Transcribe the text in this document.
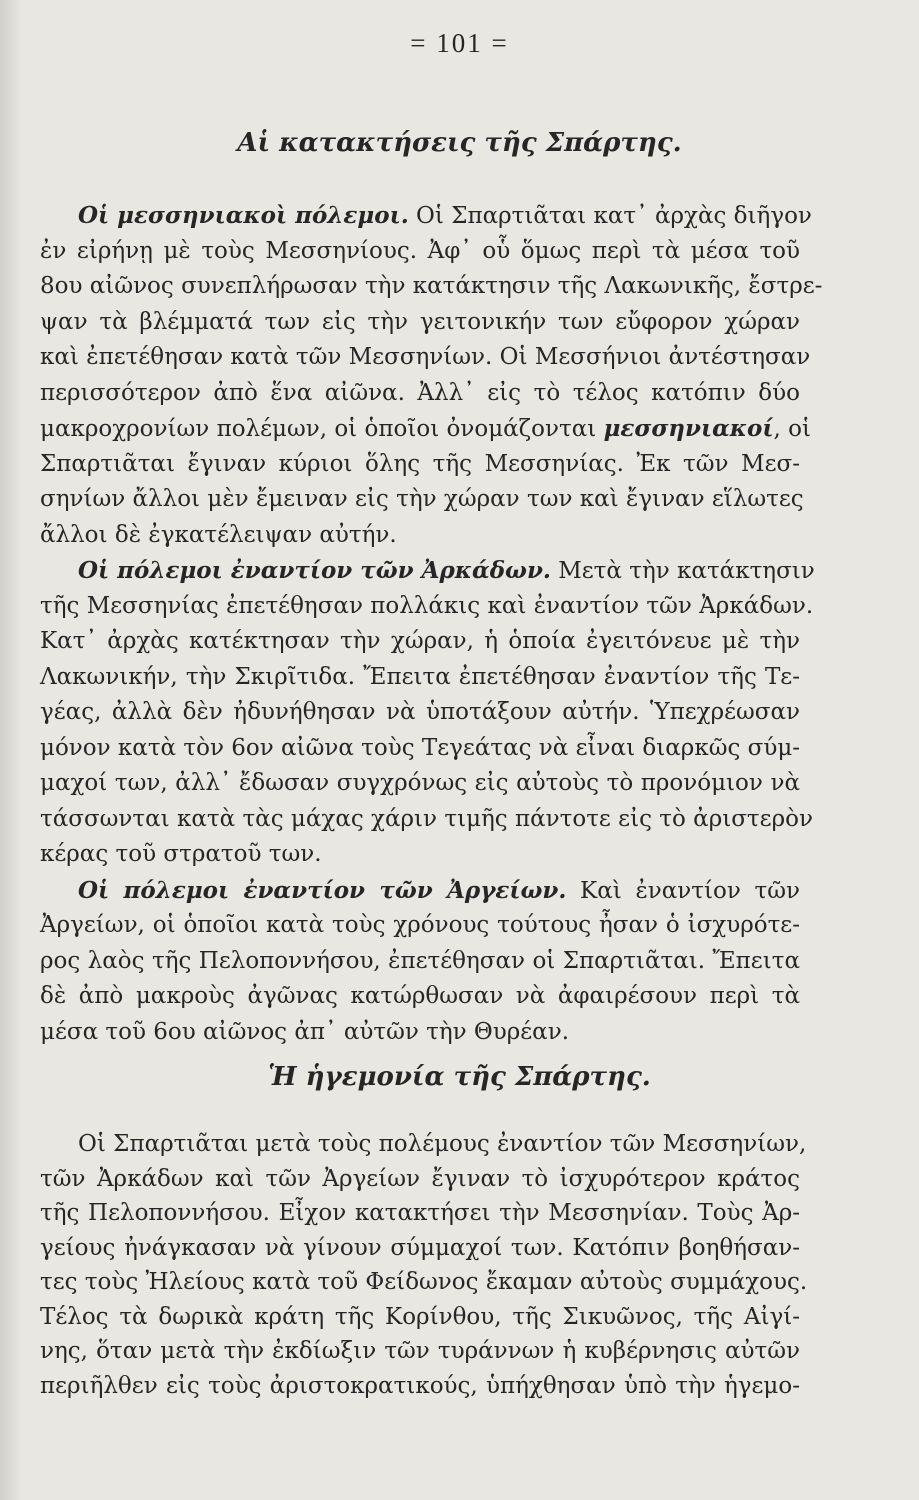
= 101 =
Αἱ κατακτήσεις τῆς Σπάρτης.
Οἱ μεσσηνιακοὶ πόλεμοι. Οἱ Σπαρτιᾶται κατ᾽ ἀρχὰς διῆγον
ἐν εἰρήνῃ μὲ τοὺς Μεσσηνίους. Ἀφ᾽ οὗ ὅμως περὶ τὰ μέσα τοῦ
8ου αἰῶνος συνεπλήρωσαν τὴν κατάκτησιν τῆς Λακωνικῆς, ἔστρε-
ψαν τὰ βλέμματά των εἰς τὴν γειτονικήν των εὔφορον χώραν
καὶ ἐπετέθησαν κατὰ τῶν Μεσσηνίων. Οἱ Μεσσήνιοι ἀντέστησαν
περισσότερον ἀπὸ ἕνα αἰῶνα. Ἀλλ᾽ εἰς τὸ τέλος κατόπιν δύο
μακροχρονίων πολέμων, οἱ ὁποῖοι ὀνομάζονται μεσσηνιακοί, οἱ
Σπαρτιᾶται ἔγιναν κύριοι ὅλης τῆς Μεσσηνίας. Ἐκ τῶν Μεσ-
σηνίων ἄλλοι μὲν ἔμειναν εἰς τὴν χώραν των καὶ ἔγιναν εἵλωτες
ἄλλοι δὲ ἐγκατέλειψαν αὐτήν.
Οἱ πόλεμοι ἐναντίον τῶν Ἀρκάδων. Μετὰ τὴν κατάκτησιν
τῆς Μεσσηνίας ἐπετέθησαν πολλάκις καὶ ἐναντίον τῶν Ἀρκάδων.
Κατ᾽ ἀρχὰς κατέκτησαν τὴν χώραν, ἡ ὁποία ἐγειτόνευε μὲ τὴν
Λακωνικήν, τὴν Σκιρῖτιδα. Ἔπειτα ἐπετέθησαν ἐναντίον τῆς Τε-
γέας, ἀλλὰ δὲν ἠδυνήθησαν νὰ ὑποτάξουν αὐτήν. Ὑπεχρέωσαν
μόνον κατὰ τὸν 6ον αἰῶνα τοὺς Τεγεάτας νὰ εἶναι διαρκῶς σύμ-
μαχοί των, ἀλλ᾽ ἔδωσαν συγχρόνως εἰς αὐτοὺς τὸ προνόμιον νὰ
τάσσωνται κατὰ τὰς μάχας χάριν τιμῆς πάντοτε εἰς τὸ ἀριστερὸν
κέρας τοῦ στρατοῦ των.
Οἱ πόλεμοι ἐναντίον τῶν Ἀργείων. Καὶ ἐναντίον τῶν
Ἀργείων, οἱ ὁποῖοι κατὰ τοὺς χρόνους τούτους ἦσαν ὁ ἰσχυρότε-
ρος λαὸς τῆς Πελοποννήσου, ἐπετέθησαν οἱ Σπαρτιᾶται. Ἔπειτα
δὲ ἀπὸ μακροὺς ἀγῶνας κατώρθωσαν νὰ ἀφαιρέσουν περὶ τὰ
μέσα τοῦ 6ου αἰῶνος ἀπ᾽ αὐτῶν τὴν Θυρέαν.
Ἡ ἡγεμονία τῆς Σπάρτης.
Οἱ Σπαρτιᾶται μετὰ τοὺς πολέμους ἐναντίον τῶν Μεσσηνίων,
τῶν Ἀρκάδων καὶ τῶν Ἀργείων ἔγιναν τὸ ἰσχυρότερον κράτος
τῆς Πελοποννήσου. Εἶχον κατακτήσει τὴν Μεσσηνίαν. Τοὺς Ἀρ-
γείους ἠνάγκασαν νὰ γίνουν σύμμαχοί των. Κατόπιν βοηθήσαν-
τες τοὺς Ἠλείους κατὰ τοῦ Φείδωνος ἔκαμαν αὐτοὺς συμμάχους.
Τέλος τὰ δωρικὰ κράτη τῆς Κορίνθου, τῆς Σικυῶνος, τῆς Αἰγί-
νης, ὅταν μετὰ τὴν ἐκδίωξιν τῶν τυράννων ἡ κυβέρνησις αὐτῶν
περιῆλθεν εἰς τοὺς ἀριστοκρατικούς, ὑπήχθησαν ὑπὸ τὴν ἡγεμο-
